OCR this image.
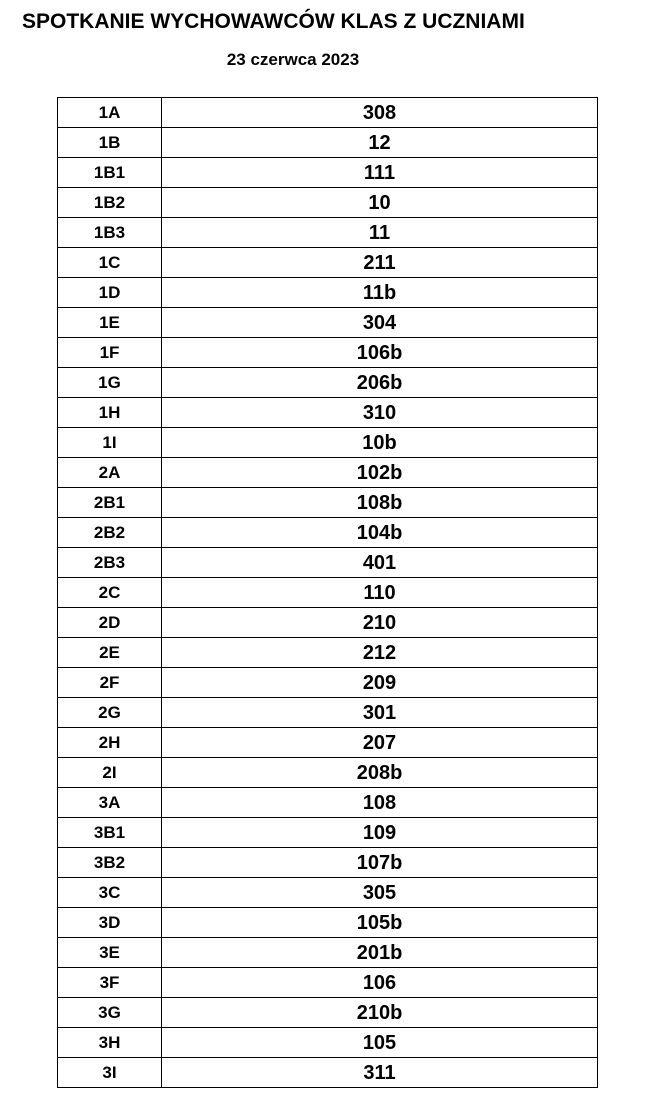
SPOTKANIE WYCHOWAWCÓW KLAS Z UCZNIAMI
23 czerwca 2023
1A	308
1B	12
1B1	111
1B2	10
1B3	11
1C	211
1D	11b
1E	304
1F	106b
1G	206b
1H	310
1I	10b
2A	102b
2B1	108b
2B2	104b
2B3	401
2C	110
2D	210
2E	212
2F	209
2G	301
2H	207
2I	208b
3A	108
3B1	109
3B2	107b
3C	305
3D	105b
3E	201b
3F	106
3G	210b
3H	105
3I	311
